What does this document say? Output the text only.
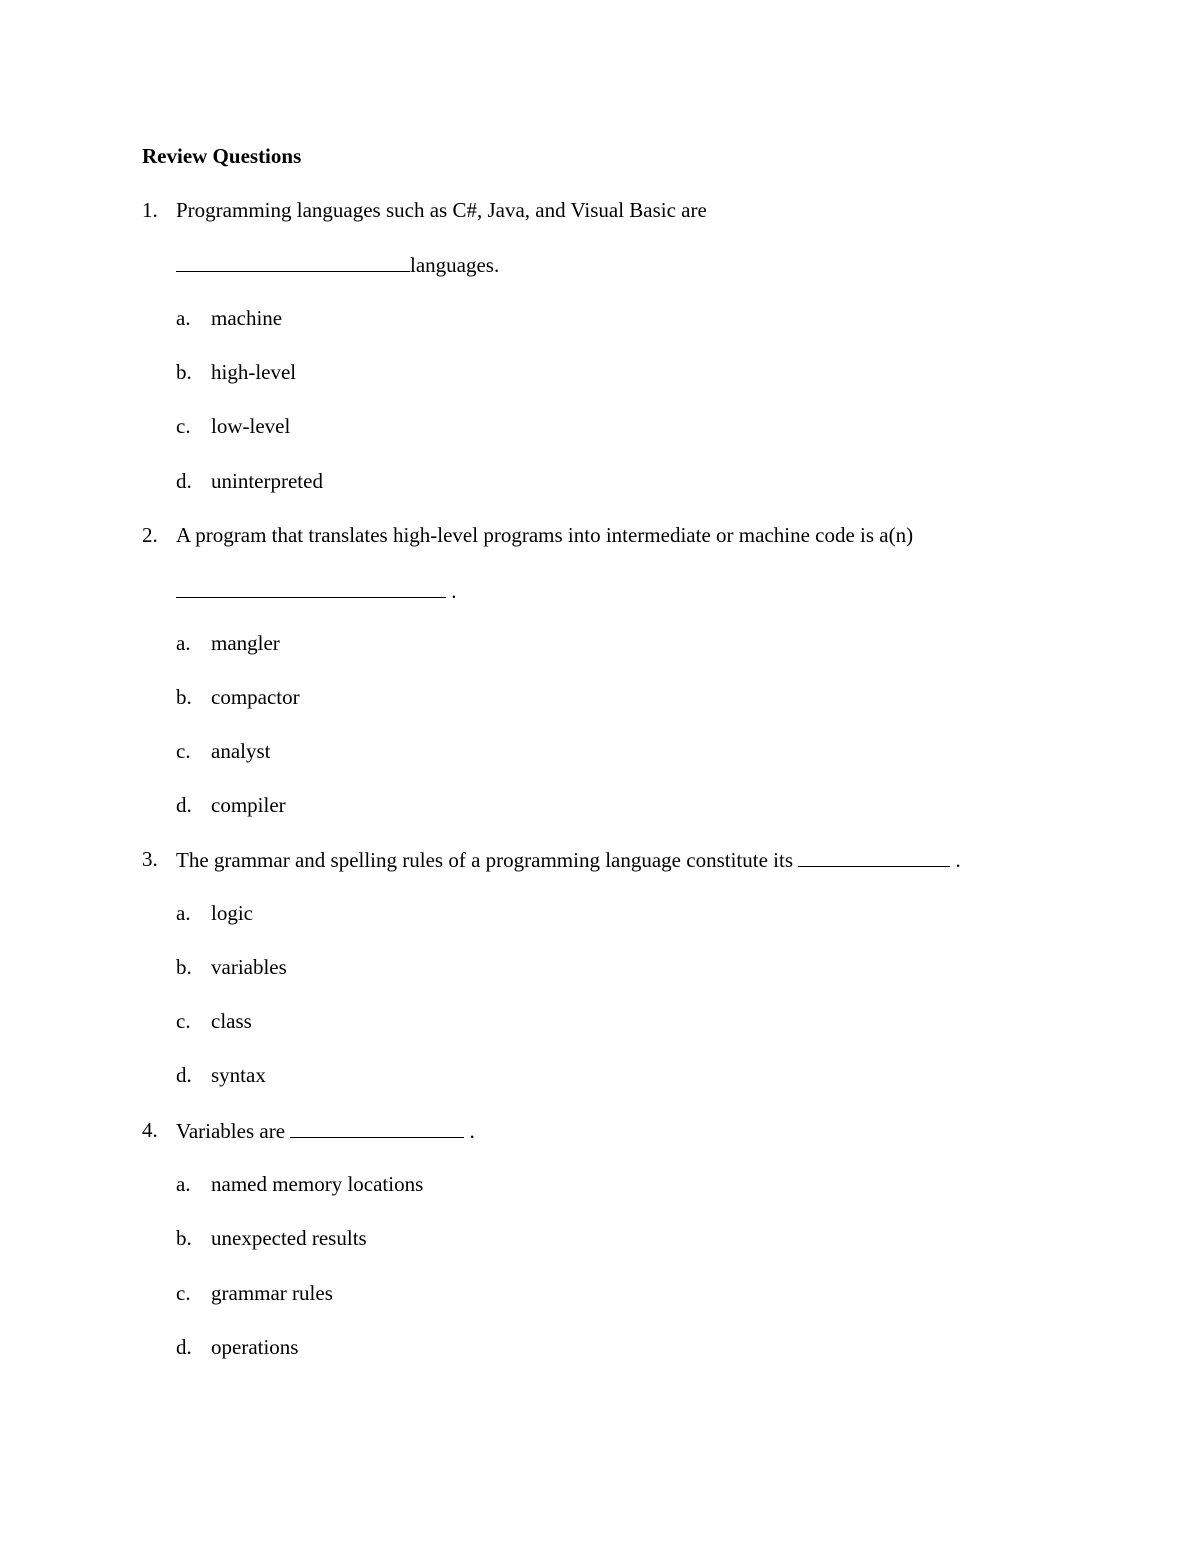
Review Questions
1. Programming languages such as C#, Java, and Visual Basic are
languages.
a. machine
b. high-level
c. low-level
d. uninterpreted
2. A program that translates high-level programs into intermediate or machine code is a(n)
.
a. mangler
b. compactor
c. analyst
d. compiler
3. The grammar and spelling rules of a programming language constitute its	.
a. logic
b. variables
c. class
d. syntax
4. Variables are	.
a. named memory locations
b. unexpected results
c. grammar rules
d. operations
